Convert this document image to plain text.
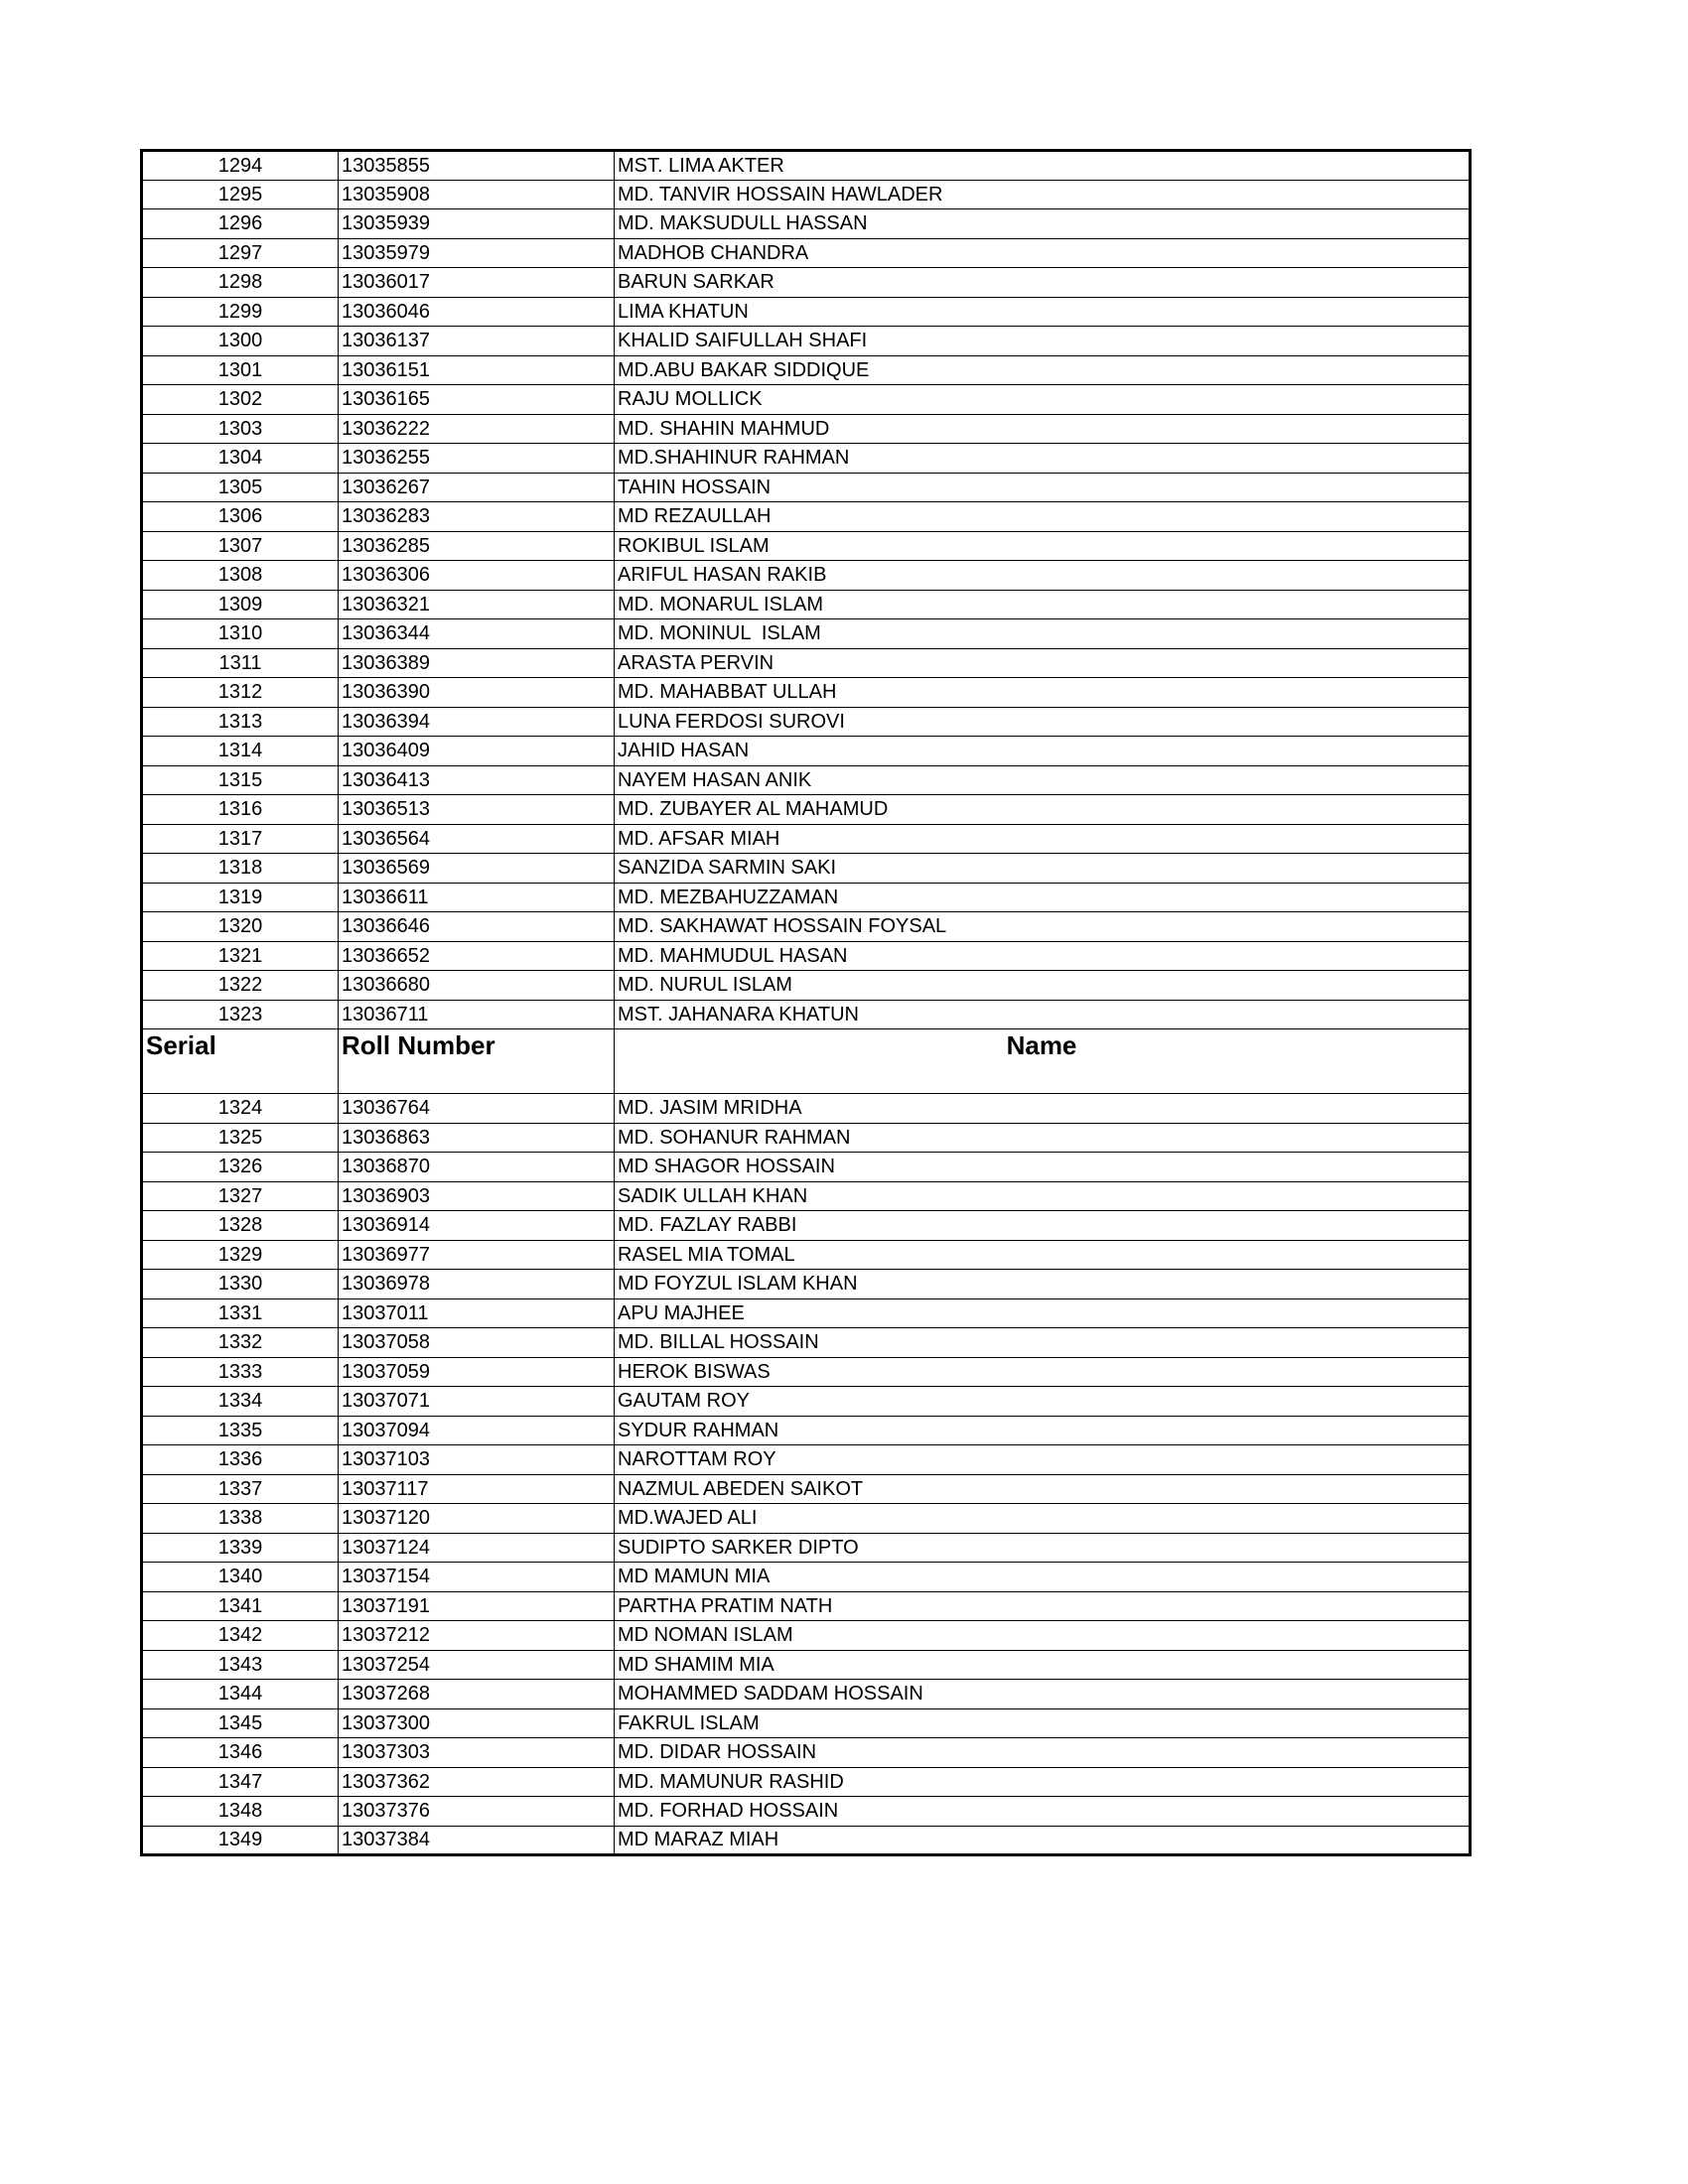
1294	13035855	MST. LIMA AKTER
1295	13035908	MD. TANVIR HOSSAIN HAWLADER
1296	13035939	MD. MAKSUDULL HASSAN
1297	13035979	MADHOB CHANDRA
1298	13036017	BARUN SARKAR
1299	13036046	LIMA KHATUN
1300	13036137	KHALID SAIFULLAH SHAFI
1301	13036151	MD.ABU BAKAR SIDDIQUE
1302	13036165	RAJU MOLLICK
1303	13036222	MD. SHAHIN MAHMUD
1304	13036255	MD.SHAHINUR RAHMAN
1305	13036267	TAHIN HOSSAIN
1306	13036283	MD REZAULLAH
1307	13036285	ROKIBUL ISLAM
1308	13036306	ARIFUL HASAN RAKIB
1309	13036321	MD. MONARUL ISLAM
1310	13036344	MD. MONINUL  ISLAM
1311	13036389	ARASTA PERVIN
1312	13036390	MD. MAHABBAT ULLAH
1313	13036394	LUNA FERDOSI SUROVI
1314	13036409	JAHID HASAN
1315	13036413	NAYEM HASAN ANIK
1316	13036513	MD. ZUBAYER AL MAHAMUD
1317	13036564	MD. AFSAR MIAH
1318	13036569	SANZIDA SARMIN SAKI
1319	13036611	MD. MEZBAHUZZAMAN
1320	13036646	MD. SAKHAWAT HOSSAIN FOYSAL
1321	13036652	MD. MAHMUDUL HASAN
1322	13036680	MD. NURUL ISLAM
1323	13036711	MST. JAHANARA KHATUN
Serial	Roll Number	Name
1324	13036764	MD. JASIM MRIDHA
1325	13036863	MD. SOHANUR RAHMAN
1326	13036870	MD SHAGOR HOSSAIN
1327	13036903	SADIK ULLAH KHAN
1328	13036914	MD. FAZLAY RABBI
1329	13036977	RASEL MIA TOMAL
1330	13036978	MD FOYZUL ISLAM KHAN
1331	13037011	APU MAJHEE
1332	13037058	MD. BILLAL HOSSAIN
1333	13037059	HEROK BISWAS
1334	13037071	GAUTAM ROY
1335	13037094	SYDUR RAHMAN
1336	13037103	NAROTTAM ROY
1337	13037117	NAZMUL ABEDEN SAIKOT
1338	13037120	MD.WAJED ALI
1339	13037124	SUDIPTO SARKER DIPTO
1340	13037154	MD MAMUN MIA
1341	13037191	PARTHA PRATIM NATH
1342	13037212	MD NOMAN ISLAM
1343	13037254	MD SHAMIM MIA
1344	13037268	MOHAMMED SADDAM HOSSAIN
1345	13037300	FAKRUL ISLAM
1346	13037303	MD. DIDAR HOSSAIN
1347	13037362	MD. MAMUNUR RASHID
1348	13037376	MD. FORHAD HOSSAIN
1349	13037384	MD MARAZ MIAH
